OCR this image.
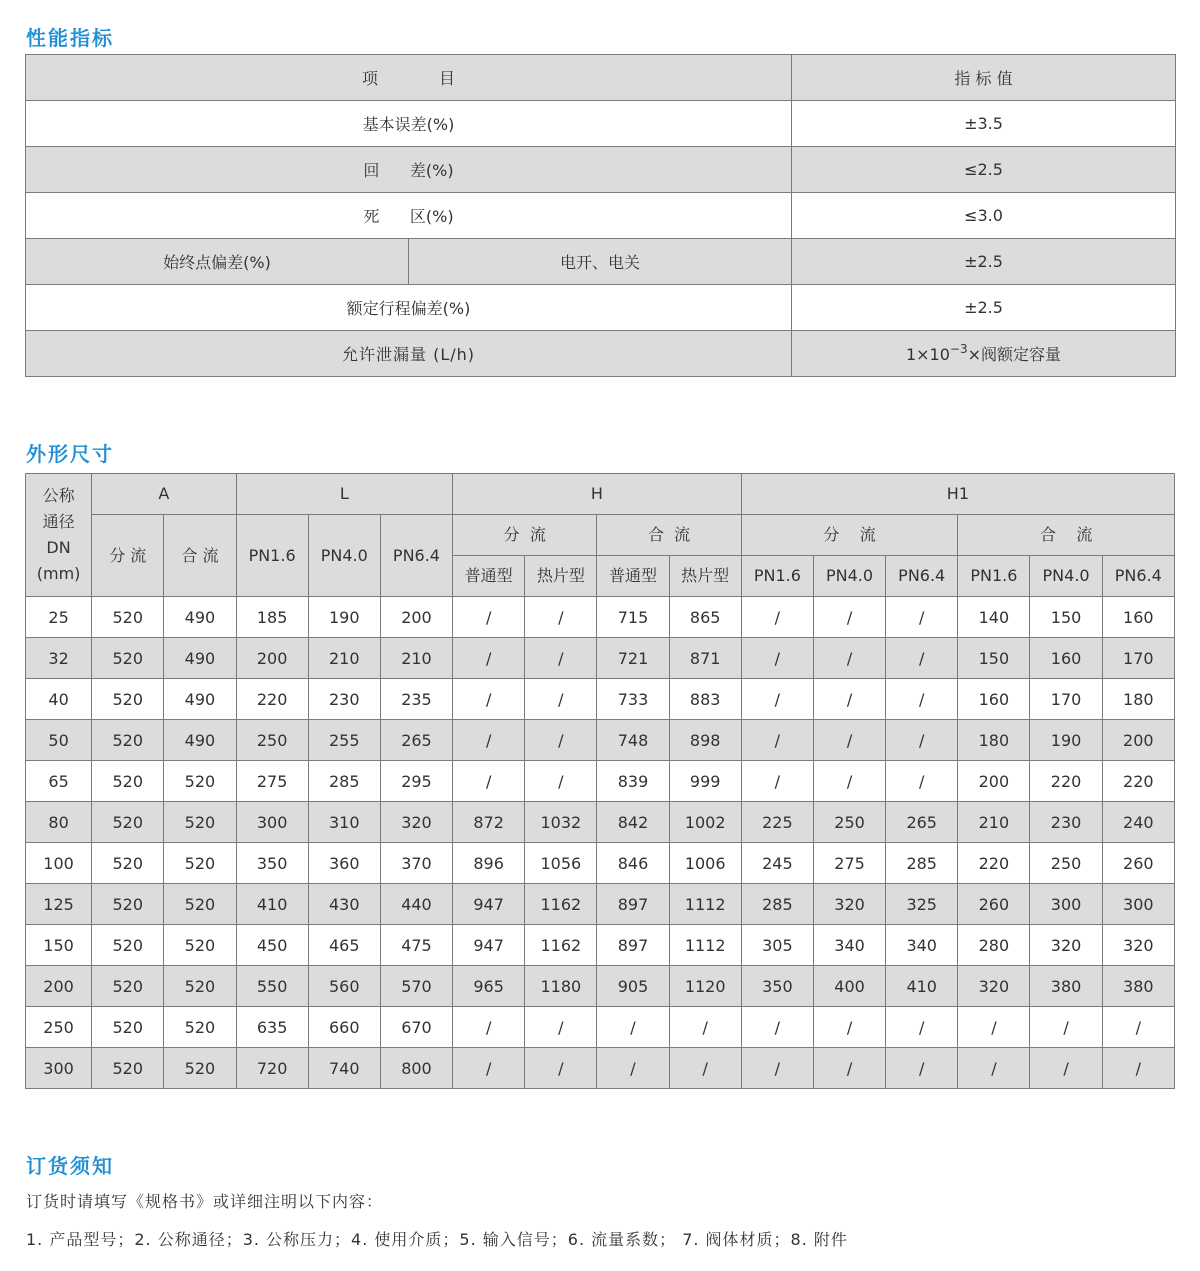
性能指标
项            目		指 标 值
基本误差(%)		±3.5
回      差(%)		≤2.5
死      区(%)		≤3.0
始终点偏差(%)	电开、电关	±2.5
额定行程偏差(%)		±2.5
允许泄漏量 (L/h)		$1\times 10^{-3}\times$阀额定容量
外形尺寸
公称
通径
DN
(mm)	A		L			H				H1					
	分 流	合 流	PN1.6	PN4.0	PN6.4	分  流		合  流		分    流			合    流		
						普通型	热片型	普通型	热片型	PN1.6	PN4.0	PN6.4	PN1.6	PN4.0	PN6.4
25	520	490	185	190	200	/	/	715	865	/	/	/	140	150	160
32	520	490	200	210	210	/	/	721	871	/	/	/	150	160	170
40	520	490	220	230	235	/	/	733	883	/	/	/	160	170	180
50	520	490	250	255	265	/	/	748	898	/	/	/	180	190	200
65	520	520	275	285	295	/	/	839	999	/	/	/	200	220	220
80	520	520	300	310	320	872	1032	842	1002	225	250	265	210	230	240
100	520	520	350	360	370	896	1056	846	1006	245	275	285	220	250	260
125	520	520	410	430	440	947	1162	897	1112	285	320	325	260	300	300
150	520	520	450	465	475	947	1162	897	1112	305	340	340	280	320	320
200	520	520	550	560	570	965	1180	905	1120	350	400	410	320	380	380
250	520	520	635	660	670	/	/	/	/	/	/	/	/	/	/
300	520	520	720	740	800	/	/	/	/	/	/	/	/	/	/
订货须知

订货时请填写《规格书》或详细注明以下内容：

1. 产品型号；2. 公称通径；3. 公称压力；4. 使用介质；5. 输入信号；6. 流量系数； 7. 阀体材质；8. 附件
